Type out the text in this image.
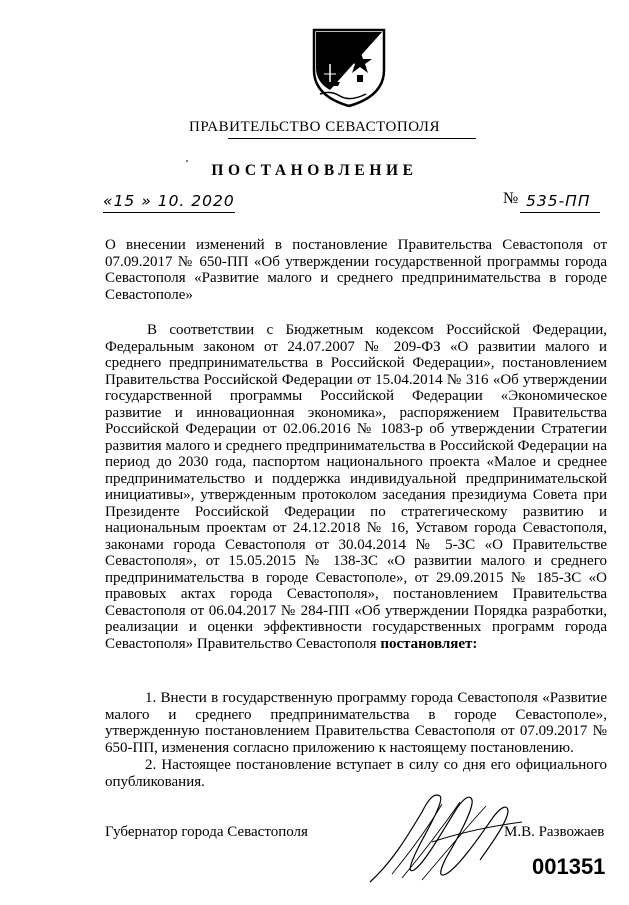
ПРАВИТЕЛЬСТВО СЕВАСТОПОЛЯ
ПОСТАНОВЛЕНИЕ
«15 » 10. 2020	№ 535-ПП

О внесении изменений в постановление Правительства Севастополя от 07.09.2017 № 650-ПП «Об утверждении государственной программы города Севастополя «Развитие малого и среднего предпринимательства в городе Севастополе»

В соответствии с Бюджетным кодексом Российской Федерации, Федеральным законом от 24.07.2007 № 209-ФЗ «О развитии малого и среднего предпринимательства в Российской Федерации», постановлением Правительства Российской Федерации от 15.04.2014 № 316 «Об утверждении государственной программы Российской Федерации «Экономическое развитие и инновационная экономика», распоряжением Правительства Российской Федерации от 02.06.2016 № 1083-р об утверждении Стратегии развития малого и среднего предпринимательства в Российской Федерации на период до 2030 года, паспортом национального проекта «Малое и среднее предпринимательство и поддержка индивидуальной предпринимательской инициативы», утвержденным протоколом заседания президиума Совета при Президенте Российской Федерации по стратегическому развитию и национальным проектам от 24.12.2018 № 16, Уставом города Севастополя, законами города Севастополя от 30.04.2014 № 5-ЗС «О Правительстве Севастополя», от 15.05.2015 № 138-ЗС «О развитии малого и среднего предпринимательства в городе Севастополе», от 29.09.2015 № 185-ЗС «О правовых актах города Севастополя», постановлением Правительства Севастополя от 06.04.2017 № 284-ПП «Об утверждении Порядка разработки, реализации и оценки эффективности государственных программ города Севастополя» Правительство Севастополя постановляет:

1. Внести в государственную программу города Севастополя «Развитие малого и среднего предпринимательства в городе Севастополе», утвержденную постановлением Правительства Севастополя от 07.09.2017 № 650-ПП, изменения согласно приложению к настоящему постановлению.

2. Настоящее постановление вступает в силу со дня его официального опубликования.

Губернатор города Севастополя	М.В. Развожаев
001351
